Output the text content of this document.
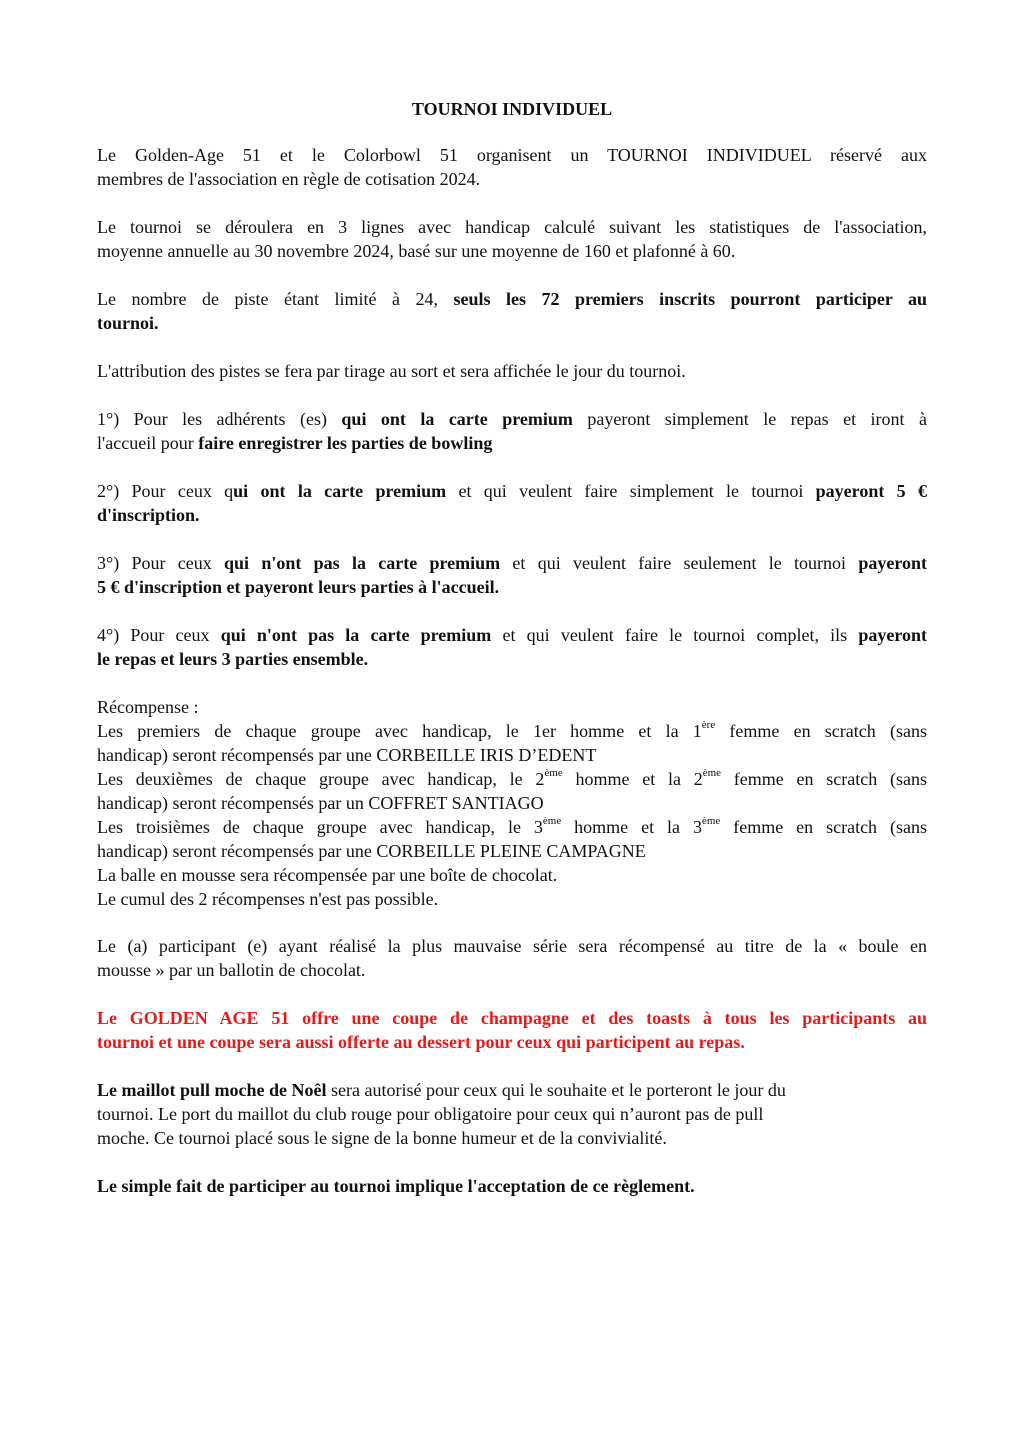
TOURNOI INDIVIDUEL

Le Golden-Age 51 et le Colorbowl 51 organisent un TOURNOI INDIVIDUEL réservé aux
membres de l'association en règle de cotisation 2024.

Le tournoi se déroulera en 3 lignes avec handicap calculé suivant les statistiques de l'association,
moyenne annuelle au 30 novembre 2024, basé sur une moyenne de 160 et plafonné à 60.

Le nombre de piste étant limité à 24, seuls les 72 premiers inscrits pourront participer au
tournoi.

L'attribution des pistes se fera par tirage au sort et sera affichée le jour du tournoi.

1°) Pour les adhérents (es) qui ont la carte premium payeront simplement le repas et iront à
l'accueil pour faire enregistrer les parties de bowling

2°) Pour ceux qui ont la carte premium et qui veulent faire simplement le tournoi payeront 5 €
d'inscription.

3°) Pour ceux qui n'ont pas la carte premium et qui veulent faire seulement le tournoi payeront
5 € d'inscription et payeront leurs parties à l'accueil.

4°) Pour ceux qui n'ont pas la carte premium et qui veulent faire le tournoi complet, ils payeront
le repas et leurs 3 parties ensemble.

Récompense :
Les premiers de chaque groupe avec handicap, le 1er homme et la 1ère femme en scratch (sans
handicap) seront récompensés par une CORBEILLE IRIS D’EDENT
Les deuxièmes de chaque groupe avec handicap, le 2ème homme et la 2ème femme en scratch (sans
handicap) seront récompensés par un COFFRET SANTIAGO
Les troisièmes de chaque groupe avec handicap, le 3ème homme et la 3ème femme en scratch (sans
handicap) seront récompensés par une CORBEILLE PLEINE CAMPAGNE
La balle en mousse sera récompensée par une boîte de chocolat.
Le cumul des 2 récompenses n'est pas possible.

Le (a) participant (e) ayant réalisé la plus mauvaise série sera récompensé au titre de la « boule en
mousse » par un ballotin de chocolat.

Le GOLDEN AGE 51 offre une coupe de champagne et des toasts à tous les participants au
tournoi et une coupe sera aussi offerte au dessert pour ceux qui participent au repas.

Le maillot pull moche de Noêl sera autorisé pour ceux qui le souhaite et le porteront le jour du
tournoi. Le port du maillot du club rouge pour obligatoire pour ceux qui n’auront pas de pull
moche. Ce tournoi placé sous le signe de la bonne humeur et de la convivialité.

Le simple fait de participer au tournoi implique l'acceptation de ce règlement.
